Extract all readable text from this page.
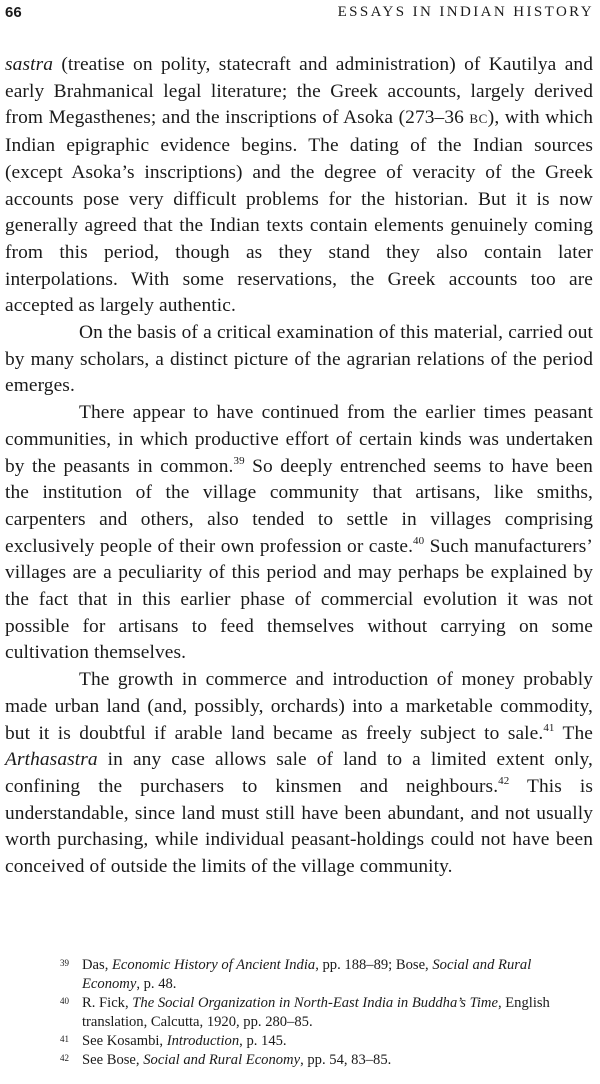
66	ESSAYS IN INDIAN HISTORY

sastra (treatise on polity, statecraft and administration) of Kautilya and early Brahmanical legal literature; the Greek accounts, largely derived from Megasthenes; and the inscriptions of Asoka (273–36 BC), with which Indian epigraphic evidence begins. The dating of the Indian sources (except Asoka’s inscriptions) and the degree of veracity of the Greek accounts pose very difficult problems for the historian. But it is now generally agreed that the Indian texts contain elements genuinely coming from this period, though as they stand they also contain later interpolations. With some reservations, the Greek accounts too are accepted as largely authentic.

On the basis of a critical examination of this material, carried out by many scholars, a distinct picture of the agrarian relations of the period emerges.

There appear to have continued from the earlier times peasant communities, in which productive effort of certain kinds was undertaken by the peasants in common.$^{39}$ So deeply entrenched seems to have been the institution of the village community that artisans, like smiths, carpenters and others, also tended to settle in villages comprising exclusively people of their own profession or caste.$^{40}$ Such manufacturers’ villages are a peculiarity of this period and may perhaps be explained by the fact that in this earlier phase of commercial evolution it was not possible for artisans to feed themselves without carrying on some cultivation themselves.

The growth in commerce and introduction of money probably made urban land (and, possibly, orchards) into a marketable commodity, but it is doubtful if arable land became as freely subject to sale.$^{41}$ The Arthasastra in any case allows sale of land to a limited extent only, confining the purchasers to kinsmen and neighbours.$^{42}$ This is understandable, since land must still have been abundant, and not usually worth purchasing, while individual peasant-holdings could not have been conceived of outside the limits of the village community.

39 Das, Economic History of Ancient India, pp. 188–89; Bose, Social and Rural Economy, p. 48.
40 R. Fick, The Social Organization in North-East India in Buddha’s Time, English translation, Calcutta, 1920, pp. 280–85.
41 See Kosambi, Introduction, p. 145.
42 See Bose, Social and Rural Economy, pp. 54, 83–85.
